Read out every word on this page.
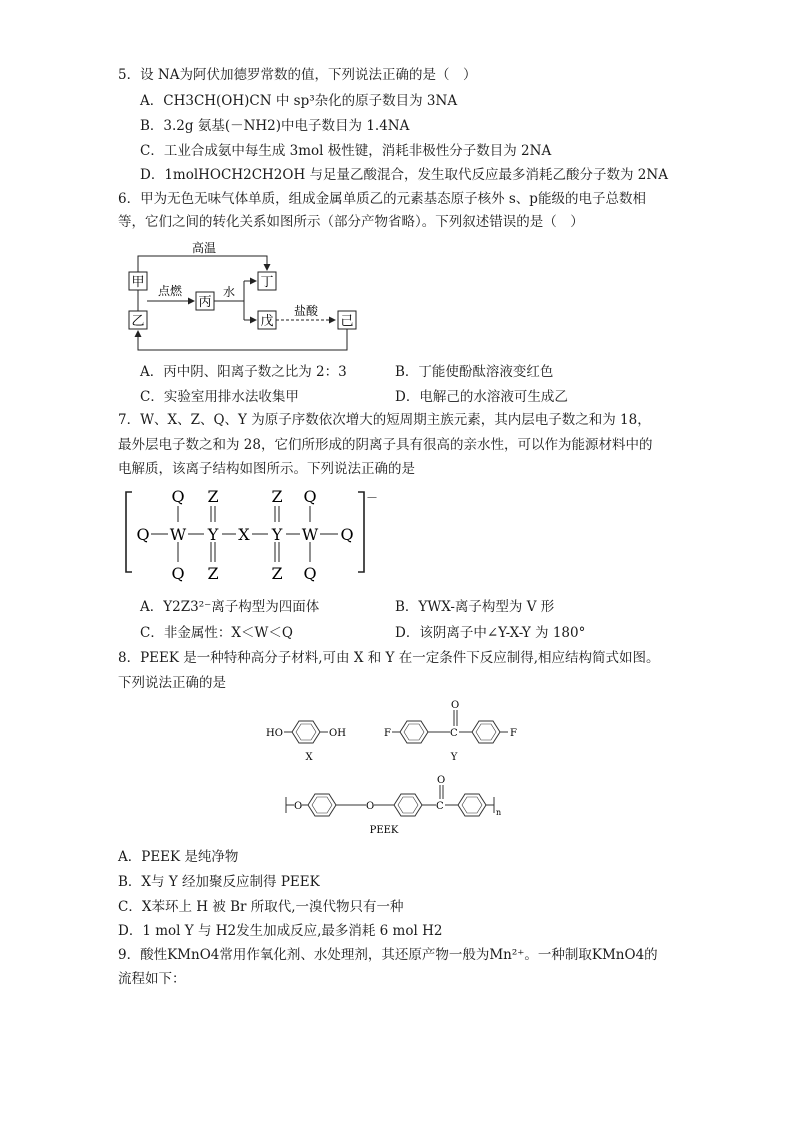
5．设 NA为阿伏加德罗常数的值，下列说法正确的是（　）
A．CH3CH(OH)CN 中 sp³杂化的原子数目为 3NA
B．3.2g 氨基(－NH2)中电子数目为 1.4NA
C．工业合成氨中每生成 3mol 极性键，消耗非极性分子数目为 2NA
D．1molHOCH2CH2OH 与足量乙酸混合，发生取代反应最多消耗乙酸分子数为 2NA
6．甲为无色无味气体单质，组成金属单质乙的元素基态原子核外 s、p能级的电子总数相
等，它们之间的转化关系如图所示（部分产物省略）。下列叙述错误的是（　）
甲
乙
丙
丁
戊	己
高温
点燃	水
盐酸
A．丙中阴、阳离子数之比为 2：3	B．丁能使酚酞溶液变红色
C．实验室用排水法收集甲	D．电解己的水溶液可生成乙
7．W、X、Z、Q、Y 为原子序数依次增大的短周期主族元素，其内层电子数之和为 18，
最外层电子数之和为 28，它们所形成的阴离子具有很高的亲水性，可以作为能源材料中的
电解质，该离子结构如图所示。下列说法正确的是
－
Q W Y X Y W Q
Q Z	Z Q
Q Z	Z Q
A．Y2Z3²⁻离子构型为四面体	B．YWX-离子构型为 V 形
C．非金属性：X＜W＜Q	D．该阴离子中∠Y-X-Y 为 180°
8．PEEK 是一种特种高分子材料,可由 X 和 Y 在一定条件下反应制得,相应结构简式如图。
下列说法正确的是
HO	OH
X
F	C
O
F
Y
O	O	C
O
n
PEEK
A．PEEK 是纯净物
B．X与 Y 经加聚反应制得 PEEK
C．X苯环上 H 被 Br 所取代,一溴代物只有一种
D．1 mol Y 与 H2发生加成反应,最多消耗 6 mol H2
9．酸性KMnO4常用作氧化剂、水处理剂，其还原产物一般为Mn²⁺。一种制取KMnO4的
流程如下：
